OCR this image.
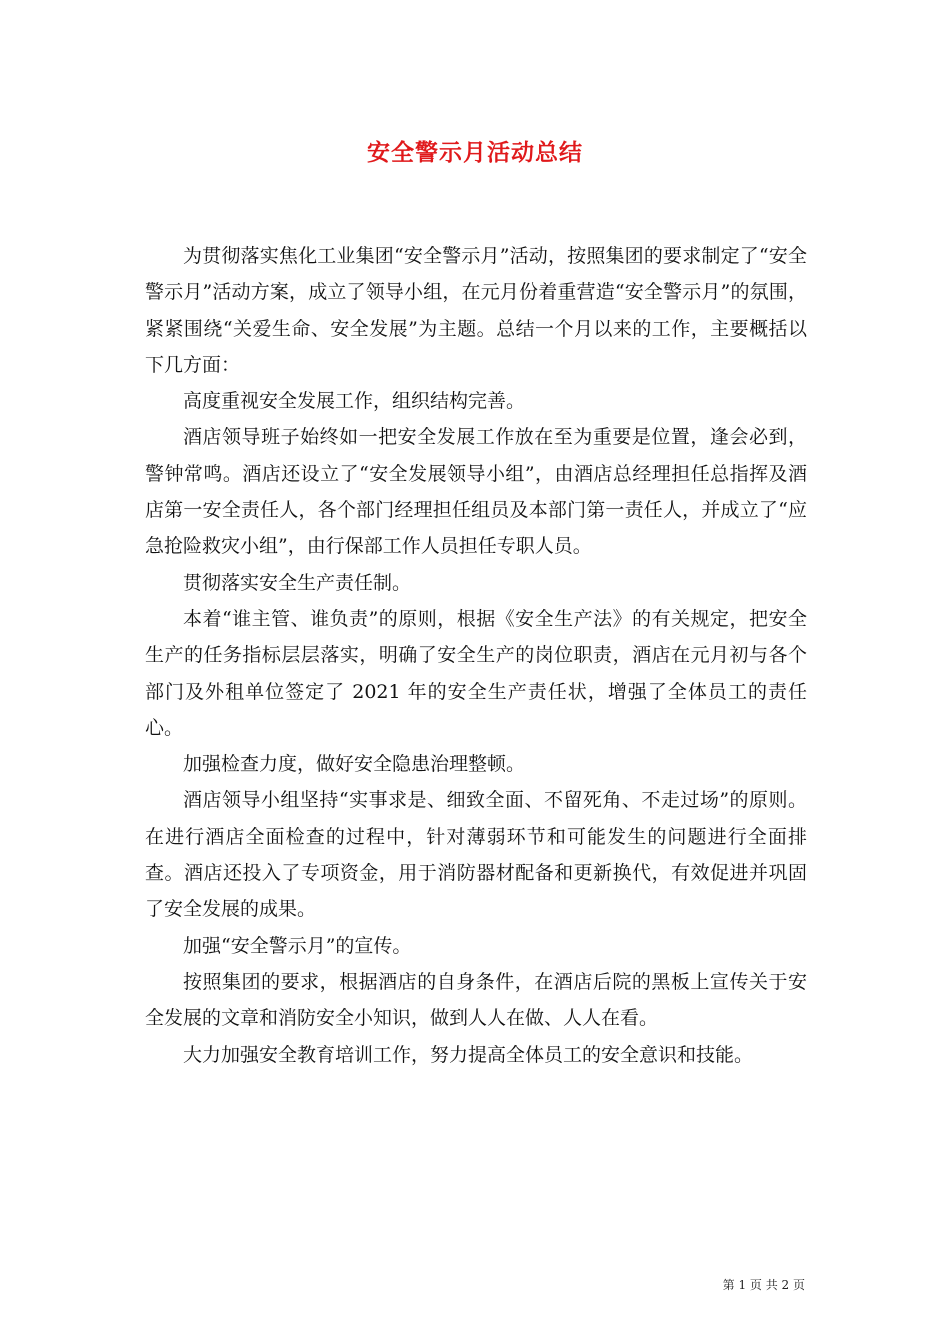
安全警示月活动总结

为贯彻落实焦化工业集团“安全警示月”活动，按照集团的要求制定了“安全警示月”活动方案，成立了领导小组，在元月份着重营造“安全警示月”的氛围，紧紧围绕“关爱生命、安全发展”为主题。总结一个月以来的工作，主要概括以下几方面：

高度重视安全发展工作，组织结构完善。

酒店领导班子始终如一把安全发展工作放在至为重要是位置，逢会必到，警钟常鸣。酒店还设立了“安全发展领导小组”，由酒店总经理担任总指挥及酒店第一安全责任人，各个部门经理担任组员及本部门第一责任人，并成立了“应急抢险救灾小组”，由行保部工作人员担任专职人员。

贯彻落实安全生产责任制。

本着“谁主管、谁负责”的原则，根据《安全生产法》的有关规定，把安全生产的任务指标层层落实，明确了安全生产的岗位职责，酒店在元月初与各个部门及外租单位签定了 2021 年的安全生产责任状，增强了全体员工的责任心。

加强检查力度，做好安全隐患治理整顿。

酒店领导小组坚持“实事求是、细致全面、不留死角、不走过场”的原则。在进行酒店全面检查的过程中，针对薄弱环节和可能发生的问题进行全面排查。酒店还投入了专项资金，用于消防器材配备和更新换代，有效促进并巩固了安全发展的成果。

加强“安全警示月”的宣传。

按照集团的要求，根据酒店的自身条件，在酒店后院的黑板上宣传关于安全发展的文章和消防安全小知识，做到人人在做、人人在看。

大力加强安全教育培训工作，努力提高全体员工的安全意识和技能。

第 1 页 共 2 页
